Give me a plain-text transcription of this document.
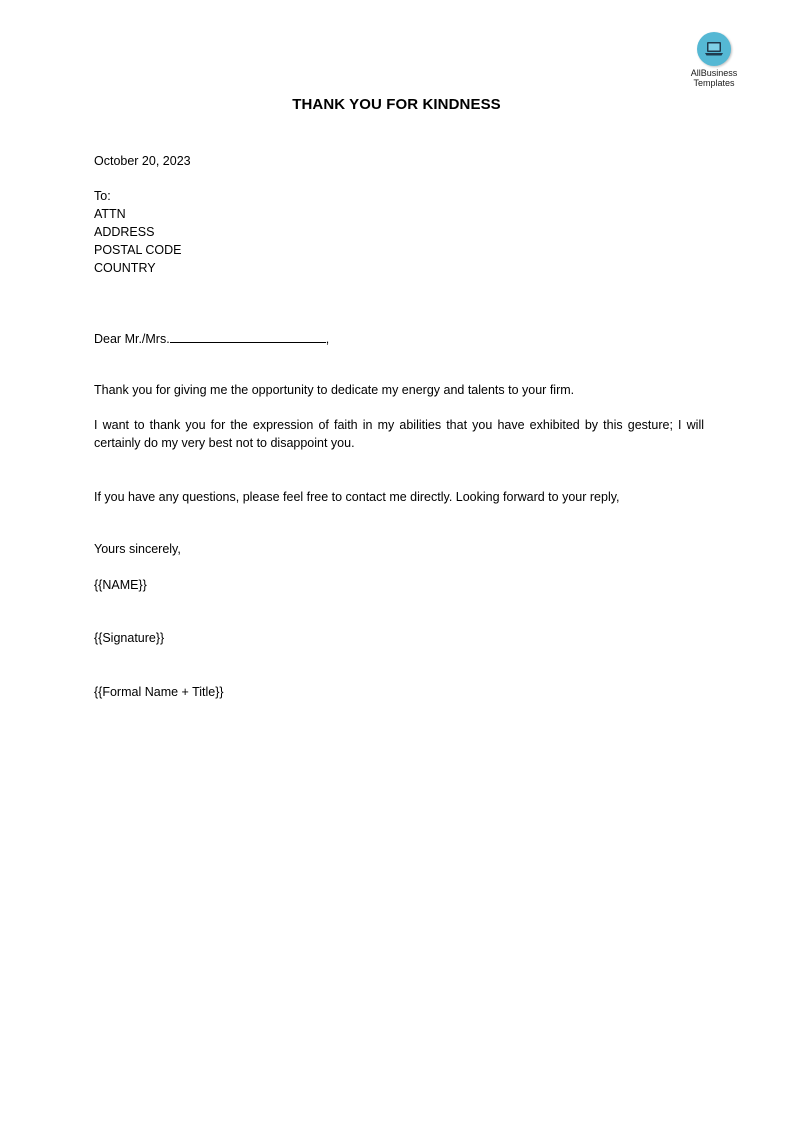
AllBusiness
Templates
THANK YOU FOR KINDNESS
October 20, 2023
To:
ATTN
ADDRESS
POSTAL CODE
COUNTRY
Dear Mr./Mrs.	,
Thank you for giving me the opportunity to dedicate my energy and talents to your firm.
I want to thank you for the expression of faith in my abilities that you have exhibited by this gesture; I will certainly do my very best not to disappoint you.
If you have any questions, please feel free to contact me directly. Looking forward to your reply,
Yours sincerely,
{{NAME}}
{{Signature}}
{{Formal Name + Title}}
